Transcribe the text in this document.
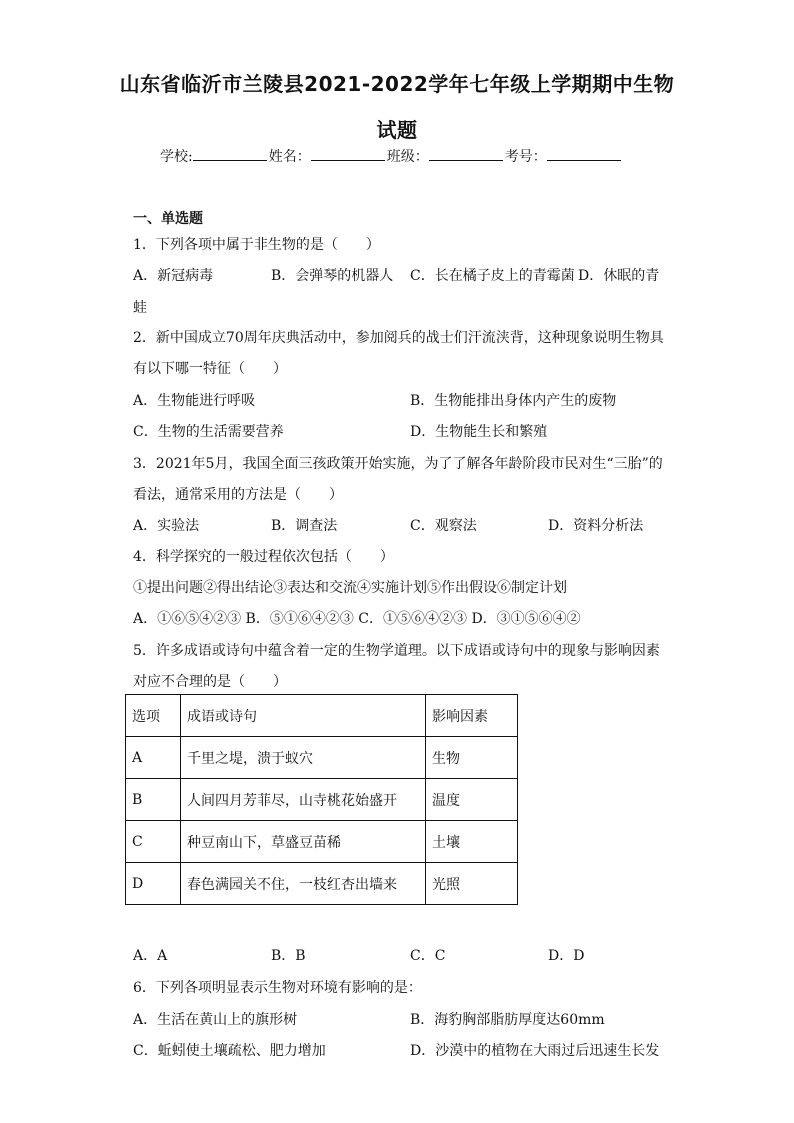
山东省临沂市兰陵县2021-2022学年七年级上学期期中生物
试题
学校:	姓名：	班级：	考号：
一、单选题
1．下列各项中属于非生物的是（　　）
A．新冠病毒	B．会弹琴的机器人 C．长在橘子皮上的青霉菌 D．休眠的青
蛙
2．新中国成立70周年庆典活动中，参加阅兵的战士们汗流浃背，这种现象说明生物具
有以下哪一特征（　　）
A．生物能进行呼吸	B．生物能排出身体内产生的废物
C．生物的生活需要营养	D．生物能生长和繁殖
3．2021年5月，我国全面三孩政策开始实施，为了了解各年龄阶段市民对生“三胎”的
看法，通常采用的方法是（　　）
A．实验法	B．调查法	C．观察法	D．资料分析法
4．科学探究的一般过程依次包括（　　）
①提出问题②得出结论③表达和交流④实施计划⑤作出假设⑥制定计划
A．①⑥⑤④②③ B．⑤①⑥④②③ C．①⑤⑥④②③ D．③①⑤⑥④②
5．许多成语或诗句中蕴含着一定的生物学道理。以下成语或诗句中的现象与影响因素
对应不合理的是（　　）
选项	成语或诗句	影响因素
A	千里之堤，溃于蚁穴	生物
B	人间四月芳菲尽，山寺桃花始盛开	温度
C	种豆南山下，草盛豆苗稀	土壤
D	春色满园关不住，一枝红杏出墙来	光照
A．A	B．B	C．C	D．D
6．下列各项明显表示生物对环境有影响的是：
A．生活在黄山上的旗形树	B．海豹胸部脂肪厚度达60mm
C．蚯蚓使土壤疏松、肥力增加	D．沙漠中的植物在大雨过后迅速生长发
